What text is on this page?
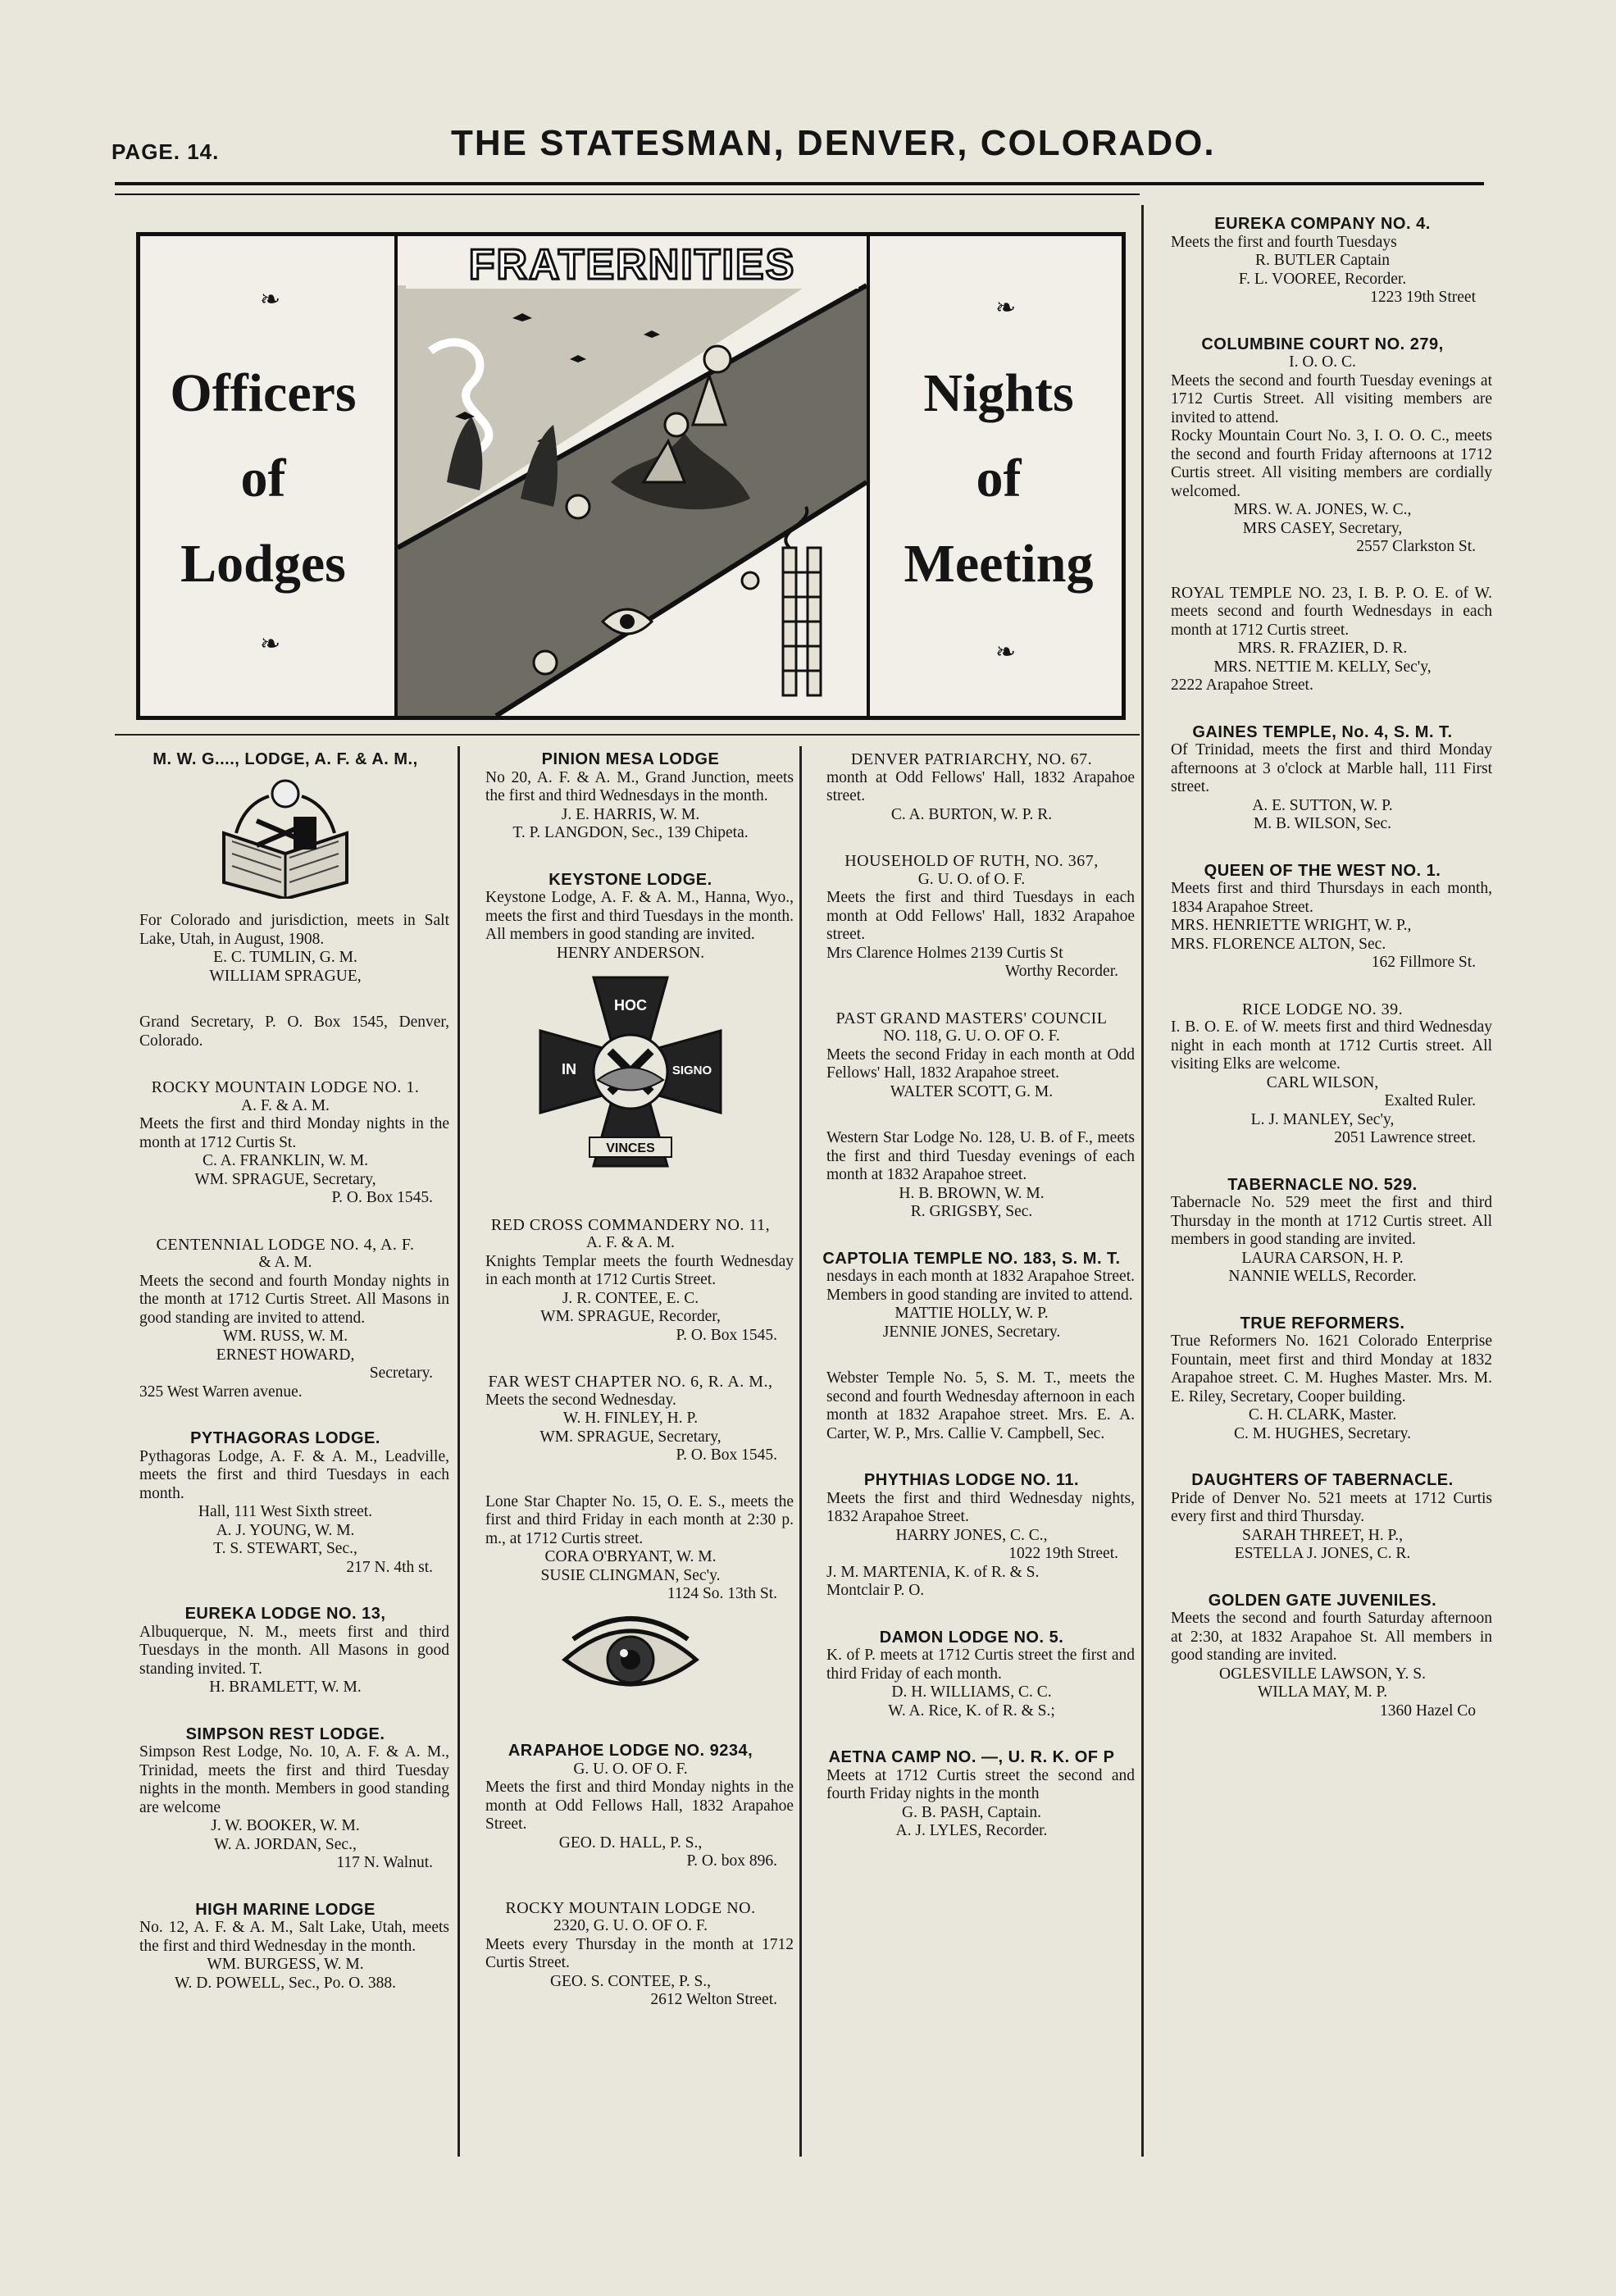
PAGE. 14.	THE STATESMAN, DENVER, COLORADO.
❧
Officers
of
Lodges
❧
FRATERNITIES
❧
Nights
of
Meeting
❧

M. W. G...., LODGE, A. F. & A. M.,

For Colorado and jurisdiction, meets in Salt Lake, Utah, in August, 1908.

E. C. TUMLIN, G. M.

WILLIAM SPRAGUE,

Grand Secretary, P. O. Box 1545, Denver, Colorado.

ROCKY MOUNTAIN LODGE NO. 1.

A. F. & A. M.

Meets the first and third Monday nights in the month at 1712 Curtis St.

C. A. FRANKLIN, W. M.

WM. SPRAGUE, Secretary,

P. O. Box 1545.

CENTENNIAL LODGE NO. 4, A. F.

& A. M.

Meets the second and fourth Monday nights in the month at 1712 Curtis Street. All Masons in good standing are invited to attend.

WM. RUSS, W. M.

ERNEST HOWARD,

Secretary.

325 West Warren avenue.

PYTHAGORAS LODGE.

Pythagoras Lodge, A. F. & A. M., Leadville, meets the first and third Tuesdays in each month.

Hall, 111 West Sixth street.

A. J. YOUNG, W. M.

T. S. STEWART, Sec.,

217 N. 4th st.

EUREKA LODGE NO. 13,

Albuquerque, N. M., meets first and third Tuesdays in the month. All Masons in good standing invited. T.

H. BRAMLETT, W. M.

SIMPSON REST LODGE.

Simpson Rest Lodge, No. 10, A. F. & A. M., Trinidad, meets the first and third Tuesday nights in the month. Members in good standing are welcome

J. W. BOOKER, W. M.

W. A. JORDAN, Sec.,

117 N. Walnut.

HIGH MARINE LODGE

No. 12, A. F. & A. M., Salt Lake, Utah, meets the first and third Wednesday in the month.

WM. BURGESS, W. M.

W. D. POWELL, Sec., Po. O. 388.

PINION MESA LODGE

No 20, A. F. & A. M., Grand Junction, meets the first and third Wednesdays in the month.

J. E. HARRIS, W. M.

T. P. LANGDON, Sec., 139 Chipeta.

KEYSTONE LODGE.

Keystone Lodge, A. F. & A. M., Hanna, Wyo., meets the first and third Tuesdays in the month. All members in good standing are invited.

HENRY ANDERSON.

HOC
IN	SIGNO
VINCES

RED CROSS COMMANDERY NO. 11,

A. F. & A. M.

Knights Templar meets the fourth Wednesday in each month at 1712 Curtis Street.

J. R. CONTEE, E. C.

WM. SPRAGUE, Recorder,

P. O. Box 1545.

FAR WEST CHAPTER NO. 6, R. A. M.,

Meets the second Wednesday.

W. H. FINLEY, H. P.

WM. SPRAGUE, Secretary,

P. O. Box 1545.

Lone Star Chapter No. 15, O. E. S., meets the first and third Friday in each month at 2:30 p. m., at 1712 Curtis street.

CORA O'BRYANT, W. M.

SUSIE CLINGMAN, Sec'y.

1124 So. 13th St.

ARAPAHOE LODGE NO. 9234,

G. U. O. OF O. F.

Meets the first and third Monday nights in the month at Odd Fellows Hall, 1832 Arapahoe Street.

GEO. D. HALL, P. S.,

P. O. box 896.

ROCKY MOUNTAIN LODGE NO.

2320, G. U. O. OF O. F.

Meets every Thursday in the month at 1712 Curtis Street.

GEO. S. CONTEE, P. S.,

2612 Welton Street.

DENVER PATRIARCHY, NO. 67.

month at Odd Fellows' Hall, 1832 Arapahoe street.

C. A. BURTON, W. P. R.

HOUSEHOLD OF RUTH, NO. 367,

G. U. O. of O. F.

Meets the first and third Tuesdays in each month at Odd Fellows' Hall, 1832 Arapahoe street.

Mrs Clarence Holmes 2139 Curtis St

Worthy Recorder.

PAST GRAND MASTERS' COUNCIL

NO. 118, G. U. O. OF O. F.

Meets the second Friday in each month at Odd Fellows' Hall, 1832 Arapahoe street.

WALTER SCOTT, G. M.

Western Star Lodge No. 128, U. B. of F., meets the first and third Tuesday evenings of each month at 1832 Arapahoe street.

H. B. BROWN, W. M.

R. GRIGSBY, Sec.

CAPTOLIA TEMPLE NO. 183, S. M. T.

nesdays in each month at 1832 Arapahoe Street. Members in good standing are invited to attend.

MATTIE HOLLY, W. P.

JENNIE JONES, Secretary.

Webster Temple No. 5, S. M. T., meets the second and fourth Wednesday afternoon in each month at 1832 Arapahoe street. Mrs. E. A. Carter, W. P., Mrs. Callie V. Campbell, Sec.

PHYTHIAS LODGE NO. 11.

Meets the first and third Wednesday nights, 1832 Arapahoe Street.

HARRY JONES, C. C.,

1022 19th Street.

J. M. MARTENIA, K. of R. & S.

Montclair P. O.

DAMON LODGE NO. 5.

K. of P. meets at 1712 Curtis street the first and third Friday of each month.

D. H. WILLIAMS, C. C.

W. A. Rice, K. of R. & S.;

AETNA CAMP NO. —, U. R. K. OF P

Meets at 1712 Curtis street the second and fourth Friday nights in the month

G. B. PASH, Captain.

A. J. LYLES, Recorder.

EUREKA COMPANY NO. 4.

Meets the first and fourth Tuesdays

R. BUTLER Captain

F. L. VOOREE, Recorder.

1223 19th Street

COLUMBINE COURT NO. 279,

I. O. O. C.

Meets the second and fourth Tuesday evenings at 1712 Curtis Street. All visiting members are invited to attend.

Rocky Mountain Court No. 3, I. O. O. C., meets the second and fourth Friday afternoons at 1712 Curtis street. All visiting members are cordially welcomed.

MRS. W. A. JONES, W. C.,

MRS CASEY, Secretary,

2557 Clarkston St.

ROYAL TEMPLE NO. 23, I. B. P. O. E. of W. meets second and fourth Wednesdays in each month at 1712 Curtis street.

MRS. R. FRAZIER, D. R.

MRS. NETTIE M. KELLY, Sec'y,

2222 Arapahoe Street.

GAINES TEMPLE, No. 4, S. M. T.

Of Trinidad, meets the first and third Monday afternoons at 3 o'clock at Marble hall, 111 First street.

A. E. SUTTON, W. P.

M. B. WILSON, Sec.

QUEEN OF THE WEST NO. 1.

Meets first and third Thursdays in each month, 1834 Arapahoe Street.

MRS. HENRIETTE WRIGHT, W. P.,

MRS. FLORENCE ALTON, Sec.

162 Fillmore St.

RICE LODGE NO. 39.

I. B. O. E. of W. meets first and third Wednesday night in each month at 1712 Curtis street. All visiting Elks are welcome.

CARL WILSON,

Exalted Ruler.

L. J. MANLEY, Sec'y,

2051 Lawrence street.

TABERNACLE NO. 529.

Tabernacle No. 529 meet the first and third Thursday in the month at 1712 Curtis street. All members in good standing are invited.

LAURA CARSON, H. P.

NANNIE WELLS, Recorder.

TRUE REFORMERS.

True Reformers No. 1621 Colorado Enterprise Fountain, meet first and third Monday at 1832 Arapahoe street. C. M. Hughes Master. Mrs. M. E. Riley, Secretary, Cooper building.

C. H. CLARK, Master.

C. M. HUGHES, Secretary.

DAUGHTERS OF TABERNACLE.

Pride of Denver No. 521 meets at 1712 Curtis every first and third Thursday.

SARAH THREET, H. P.,

ESTELLA J. JONES, C. R.

GOLDEN GATE JUVENILES.

Meets the second and fourth Saturday afternoon at 2:30, at 1832 Arapahoe St. All members in good standing are invited.

OGLESVILLE LAWSON, Y. S.

WILLA MAY, M. P.

1360 Hazel Co
